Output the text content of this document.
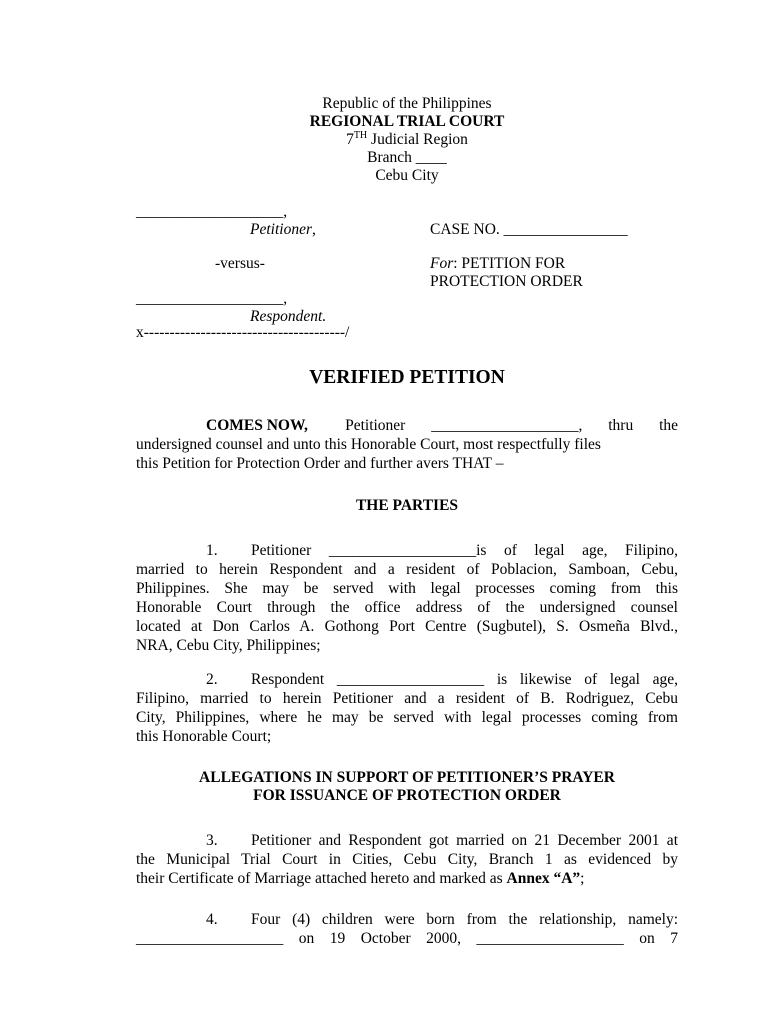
Republic of the Philippines

REGIONAL TRIAL COURT

7TH Judicial Region

Branch ____

Cebu City

___________________,

Petitioner,	CASE NO. ________________

-versus-	For: PETITION FOR

PROTECTION ORDER

___________________,

Respondent.

x---------------------------------------/

VERIFIED PETITION

COMES NOW, Petitioner ___________________, thru the
undersigned counsel and unto this Honorable Court, most respectfully files
this Petition for Protection Order and further avers THAT –

THE PARTIES

1.	Petitioner ___________________is of legal age, Filipino,
married to herein Respondent and a resident of Poblacion, Samboan, Cebu,
Philippines. She may be served with legal processes coming from this
Honorable Court through the office address of the undersigned counsel
located at Don Carlos A. Gothong Port Centre (Sugbutel), S. Osmeña Blvd.,
NRA, Cebu City, Philippines;
2.	Respondent ___________________ is likewise of legal age,
Filipino, married to herein Petitioner and a resident of B. Rodriguez, Cebu
City, Philippines, where he may be served with legal processes coming from
this Honorable Court;

ALLEGATIONS IN SUPPORT OF PETITIONER’S PRAYER

FOR ISSUANCE OF PROTECTION ORDER

3.	Petitioner and Respondent got married on 21 December 2001 at
the Municipal Trial Court in Cities, Cebu City, Branch 1 as evidenced by
their Certificate of Marriage attached hereto and marked as Annex “A”;
4.	Four (4) children were born from the relationship, namely:
___________________ on 19 October 2000, ___________________ on 7
